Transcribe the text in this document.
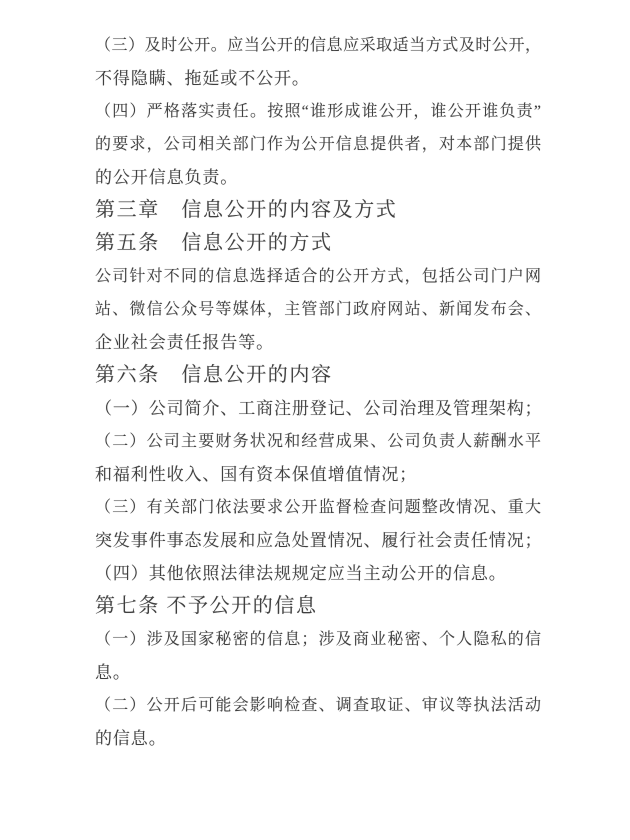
（三）及时公开。应当公开的信息应采取适当方式及时公开，
不得隐瞒、拖延或不公开。
（四）严格落实责任。按照“谁形成谁公开，谁公开谁负责”
的要求，公司相关部门作为公开信息提供者，对本部门提供
的公开信息负责。
第三章　信息公开的内容及方式
第五条　信息公开的方式
公司针对不同的信息选择适合的公开方式，包括公司门户网
站、微信公众号等媒体，主管部门政府网站、新闻发布会、
企业社会责任报告等。
第六条　信息公开的内容
（一）公司简介、工商注册登记、公司治理及管理架构；
（二）公司主要财务状况和经营成果、公司负责人薪酬水平
和福利性收入、国有资本保值增值情况；
（三）有关部门依法要求公开监督检查问题整改情况、重大
突发事件事态发展和应急处置情况、履行社会责任情况；
（四）其他依照法律法规规定应当主动公开的信息。
第七条 不予公开的信息
（一）涉及国家秘密的信息；涉及商业秘密、个人隐私的信
息。
（二）公开后可能会影响检查、调查取证、审议等执法活动
的信息。
